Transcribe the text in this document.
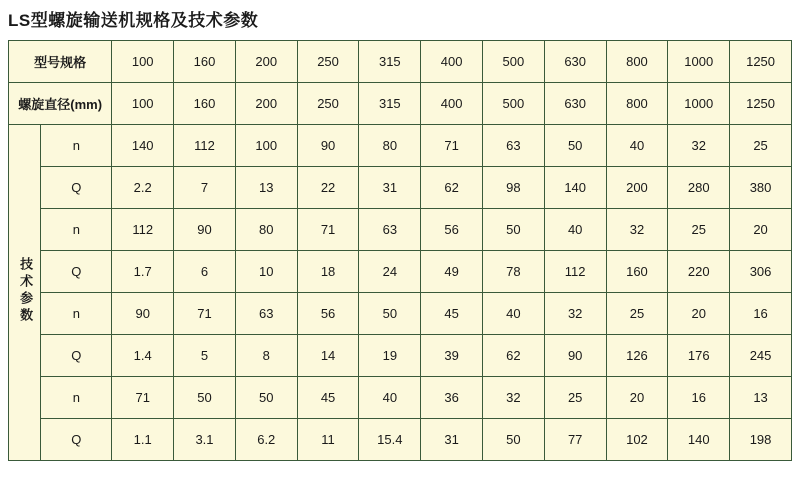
LS型螺旋输送机规格及技术参数
型号规格		100	160	200	250	315	400	500	630	800	1000	1250
螺旋直径(mm)		100	160	200	250	315	400	500	630	800	1000	1250
技术参数	n	140	112	100	90	80	71	63	50	40	32	25
	Q	2.2	7	13	22	31	62	98	140	200	280	380
	n	112	90	80	71	63	56	50	40	32	25	20
	Q	1.7	6	10	18	24	49	78	112	160	220	306
	n	90	71	63	56	50	45	40	32	25	20	16
	Q	1.4	5	8	14	19	39	62	90	126	176	245
	n	71	50	50	45	40	36	32	25	20	16	13
	Q	1.1	3.1	6.2	11	15.4	31	50	77	102	140	198
